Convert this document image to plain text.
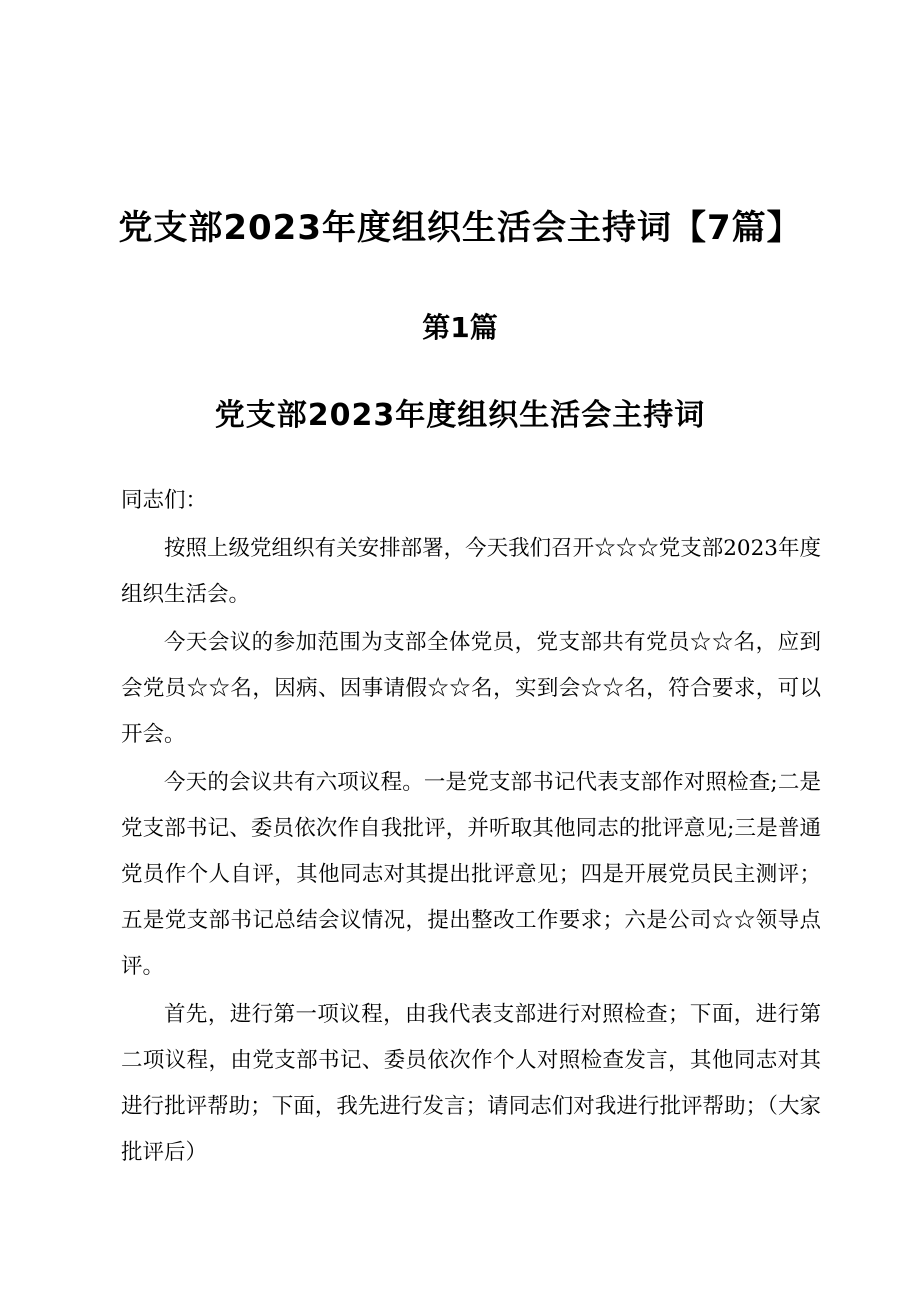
党支部2023年度组织生活会主持词【7篇】
第1篇
党支部2023年度组织生活会主持词

同志们：

按照上级党组织有关安排部署，今天我们召开☆☆☆党支部2023年度组织生活会。

今天会议的参加范围为支部全体党员，党支部共有党员☆☆名，应到会党员☆☆名，因病、因事请假☆☆名，实到会☆☆名，符合要求，可以开会。

今天的会议共有六项议程。一是党支部书记代表支部作对照检查;二是党支部书记、委员依次作自我批评，并听取其他同志的批评意见;三是普通党员作个人自评，其他同志对其提出批评意见；四是开展党员民主测评；五是党支部书记总结会议情况，提出整改工作要求；六是公司☆☆领导点评。

首先，进行第一项议程，由我代表支部进行对照检查；下面，进行第二项议程，由党支部书记、委员依次作个人对照检查发言，其他同志对其进行批评帮助；下面，我先进行发言；请同志们对我进行批评帮助；（大家批评后）
